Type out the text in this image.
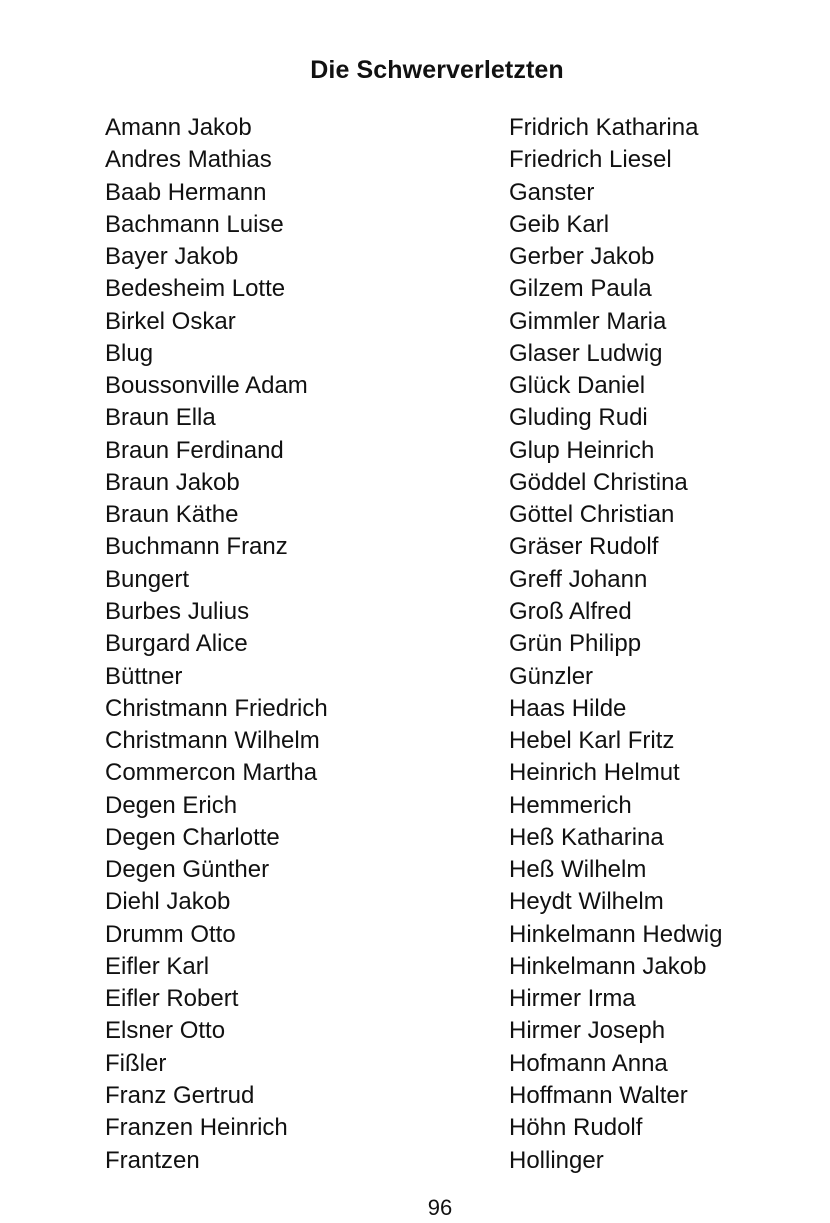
Die Schwerverletzten
Amann Jakob
Andres Mathias
Baab Hermann
Bachmann Luise
Bayer Jakob
Bedesheim Lotte
Birkel Oskar
Blug
Boussonville Adam
Braun Ella
Braun Ferdinand
Braun Jakob
Braun Käthe
Buchmann Franz
Bungert
Burbes Julius
Burgard Alice
Büttner
Christmann Friedrich
Christmann Wilhelm
Commercon Martha
Degen Erich
Degen Charlotte
Degen Günther
Diehl Jakob
Drumm Otto
Eifler Karl
Eifler Robert
Elsner Otto
Fißler
Franz Gertrud
Franzen Heinrich
Frantzen
Fridrich Katharina
Friedrich Liesel
Ganster
Geib Karl
Gerber Jakob
Gilzem Paula
Gimmler Maria
Glaser Ludwig
Glück Daniel
Gluding Rudi
Glup Heinrich
Göddel Christina
Göttel Christian
Gräser Rudolf
Greff Johann
Groß Alfred
Grün Philipp
Günzler
Haas Hilde
Hebel Karl Fritz
Heinrich Helmut
Hemmerich
Heß Katharina
Heß Wilhelm
Heydt Wilhelm
Hinkelmann Hedwig
Hinkelmann Jakob
Hirmer Irma
Hirmer Joseph
Hofmann Anna
Hoffmann Walter
Höhn Rudolf
Hollinger
96
